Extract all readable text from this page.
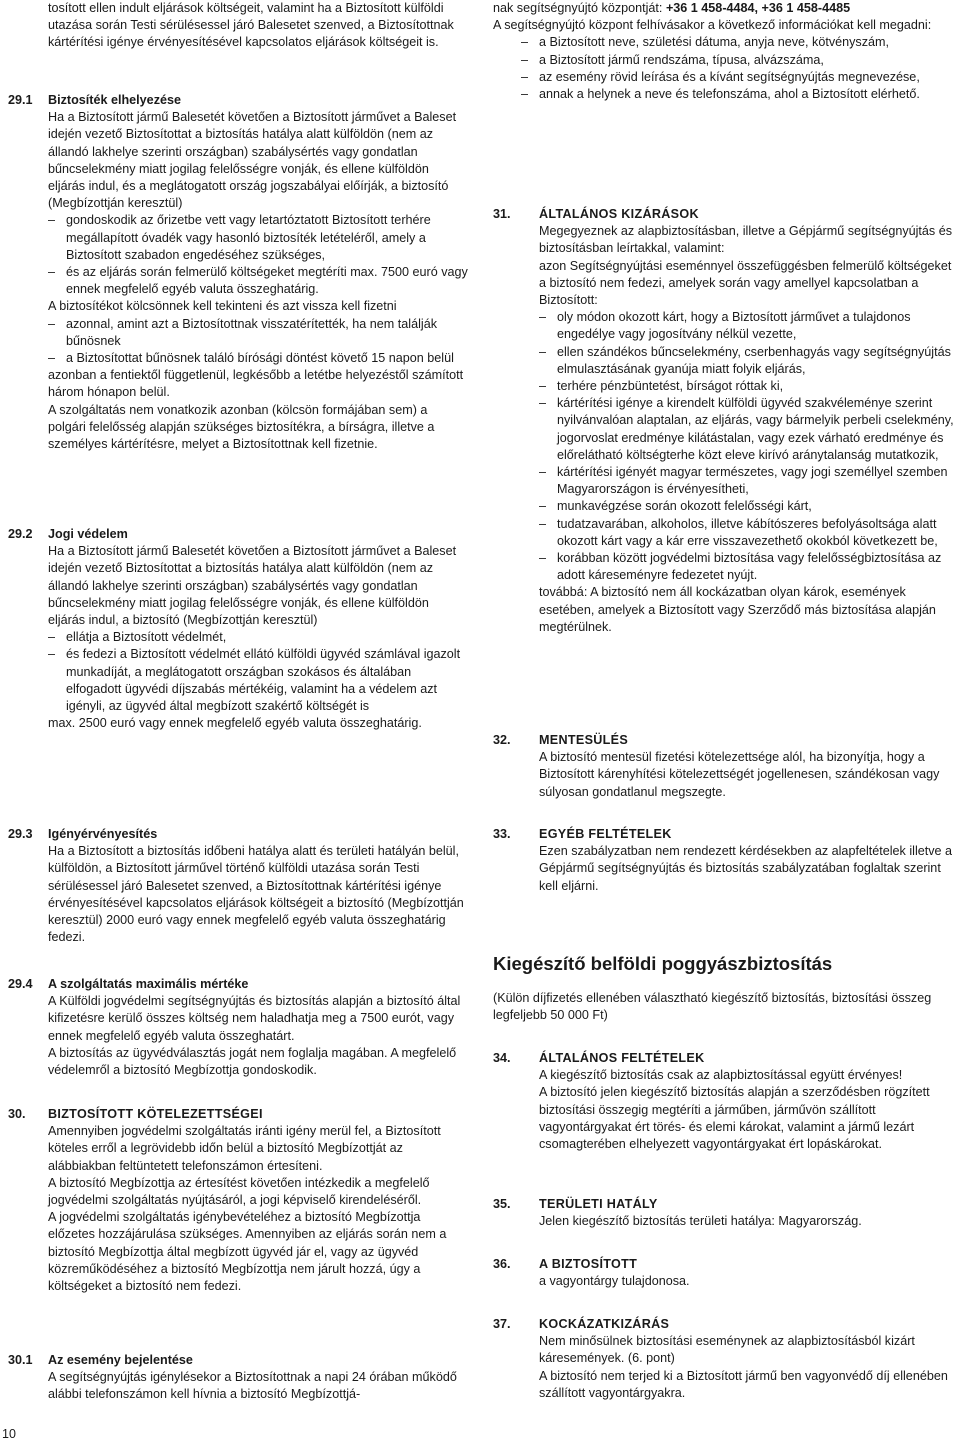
tosított ellen indult eljárások költségeit, valamint ha a Biztosított külföldi utazása során Testi sérülésessel járó Balesetet szenved, a Biztosítottnak kártérítési igénye érvényesítésével kapcsolatos eljárások költségeit is.

29.1 Biztosíték elhelyezése

Ha a Biztosított jármű Balesetét követően a Biztosított járművet a Baleset idején vezető Biztosítottat a biztosítás hatálya alatt külföldön (nem az állandó lakhelye szerinti országban) szabálysértés vagy gondatlan bűncselekmény miatt jogilag felelősségre vonják, és ellene külföldön eljárás indul, és a meglátogatott ország jogszabályai előírják, a biztosító (Megbízottján keresztül)

– gondoskodik az őrizetbe vett vagy letartóztatott Biztosított terhére megállapított óvadék vagy hasonló biztosíték letételéről, amely a Biztosított szabadon engedéséhez szükséges,

– és az eljárás során felmerülő költségeket megtéríti max. 7500 euró vagy ennek megfelelő egyéb valuta összeghatárig.

A biztosítékot kölcsönnek kell tekinteni és azt vissza kell fizetni

– azonnal, amint azt a Biztosítottnak visszatérítették, ha nem találják bűnösnek

– a Biztosítottat bűnösnek találó bírósági döntést követő 15 napon belül

azonban a fentiektől függetlenül, legkésőbb a letétbe helyezéstől számított három hónapon belül.

A szolgáltatás nem vonatkozik azonban (kölcsön formájában sem) a polgári felelősség alapján szükséges biztosítékra, a bírságra, illetve a személyes kártérítésre, melyet a Biztosítottnak kell fizetnie.

29.2 Jogi védelem

Ha a Biztosított jármű Balesetét követően a Biztosított járművet a Baleset idején vezető Biztosítottat a biztosítás hatálya alatt külföldön (nem az állandó lakhelye szerinti országban) szabálysértés vagy gondatlan bűncselekmény miatt jogilag felelősségre vonják, és ellene külföldön eljárás indul, a biztosító (Megbízottján keresztül)

– ellátja a Biztosított védelmét,

– és fedezi a Biztosított védelmét ellátó külföldi ügyvéd számlával igazolt munkadíját, a meglátogatott országban szokásos és általában elfogadott ügyvédi díjszabás mértékéig, valamint ha a védelem azt igényli, az ügyvéd által megbízott szakértő költségét is

max. 2500 euró vagy ennek megfelelő egyéb valuta összeghatárig.

29.3 Igényérvényesítés

Ha a Biztosított a biztosítás időbeni hatálya alatt és területi hatályán belül, külföldön, a Biztosított járművel történő külföldi utazása során Testi sérülésessel járó Balesetet szenved, a Biztosítottnak kártérítési igénye érvényesítésével kapcsolatos eljárások költségeit a biztosító (Megbízottján keresztül) 2000 euró vagy ennek megfelelő egyéb valuta összeghatárig fedezi.

29.4 A szolgáltatás maximális mértéke

A Külföldi jogvédelmi segítségnyújtás és biztosítás alapján a biztosító által kifizetésre kerülő összes költség nem haladhatja meg a 7500 eurót, vagy ennek megfelelő egyéb valuta összeghatárt.

A biztosítás az ügyvédválasztás jogát nem foglalja magában. A megfelelő védelemről a biztosító Megbízottja gondoskodik.

30. BIZTOSÍTOTT KÖTELEZETTSÉGEI

Amennyiben jogvédelmi szolgáltatás iránti igény merül fel, a Biztosított köteles erről a legrövidebb időn belül a biztosító Megbízottját az alábbiakban feltüntetett telefonszámon értesíteni.

A biztosító Megbízottja az értesítést követően intézkedik a megfelelő jogvédelmi szolgáltatás nyújtásáról, a jogi képviselő kirendeléséről.

A jogvédelmi szolgáltatás igénybevételéhez a biztosító Megbízottja előzetes hozzájárulása szükséges. Amennyiben az eljárás során nem a biztosító Megbízottja által megbízott ügyvéd jár el, vagy az ügyvéd közreműködéséhez a biztosító Megbízottja nem járult hozzá, úgy a költségeket a biztosító nem fedezi.

30.1 Az esemény bejelentése

A segítségnyújtás igénylésekor a Biztosítottnak a napi 24 órában működő alábbi telefonszámon kell hívnia a biztosító Megbízottjá-

nak segítségnyújtó központját: +36 1 458-4484, +36 1 458-4485

A segítségnyújtó központ felhívásakor a következő információkat kell megadni:

– a Biztosított neve, születési dátuma, anyja neve, kötvényszám,

– a Biztosított jármű rendszáma, típusa, alvázszáma,

– az esemény rövid leírása és a kívánt segítségnyújtás megnevezése,

– annak a helynek a neve és telefonszáma, ahol a Biztosított elérhető.

31. ÁLTALÁNOS KIZÁRÁSOK

Megegyeznek az alapbiztosításban, illetve a Gépjármű segítségnyújtás és biztosításban leírtakkal, valamint:

azon Segítségnyújtási eseménnyel összefüggésben felmerülő költségeket a biztosító nem fedezi, amelyek során vagy amellyel kapcsolatban a Biztosított:

– oly módon okozott kárt, hogy a Biztosított járművet a tulajdonos engedélye vagy jogosítvány nélkül vezette,

– ellen szándékos bűncselekmény, cserbenhagyás vagy segítségnyújtás elmulasztásának gyanúja miatt folyik eljárás,

– terhére pénzbüntetést, bírságot róttak ki,

– kártérítési igénye a kirendelt külföldi ügyvéd szakvéleménye szerint nyilvánvalóan alaptalan, az eljárás, vagy bármelyik perbeli cselekmény, jogorvoslat eredménye kilátástalan, vagy ezek várható eredménye és előrelátható költségterhe közt eleve kirívó aránytalanság mutatkozik,

– kártérítési igényét magyar természetes, vagy jogi személlyel szemben Magyarországon is érvényesítheti,

– munkavégzése során okozott felelősségi kárt,

– tudatzavarában, alkoholos, illetve kábítószeres befolyásoltsága alatt okozott kárt vagy a kár erre visszavezethető okokból következett be,

– korábban között jogvédelmi biztosítása vagy felelősségbiztosítása az adott káreseményre fedezetet nyújt.

továbbá: A biztosító nem áll kockázatban olyan károk, események esetében, amelyek a Biztosított vagy Szerződő más biztosítása alapján megtérülnek.

32. MENTESÜLÉS

A biztosító mentesül fizetési kötelezettsége alól, ha bizonyítja, hogy a Biztosított kárenyhítési kötelezettségét jogellenesen, szándékosan vagy súlyosan gondatlanul megszegte.

33. EGYÉB FELTÉTELEK

Ezen szabályzatban nem rendezett kérdésekben az alapfeltételek illetve a Gépjármű segítségnyújtás és biztosítás szabályzatában foglaltak szerint kell eljárni.

Kiegészítő belföldi poggyászbiztosítás

(Külön díjfizetés ellenében választható kiegészítő biztosítás, biztosítási összeg legfeljebb 50 000 Ft)

34. ÁLTALÁNOS FELTÉTELEK

A kiegészítő biztosítás csak az alapbiztosítással együtt érvényes!

A biztosító jelen kiegészítő biztosítás alapján a szerződésben rögzített biztosítási összegig megtéríti a járműben, járművön szállított vagyontárgyakat ért törés- és elemi károkat, valamint a jármű lezárt csomagterében elhelyezett vagyontárgyakat ért lopáskárokat.

35. TERÜLETI HATÁLY

Jelen kiegészítő biztosítás területi hatálya: Magyarország.

36. A BIZTOSÍTOTT

a vagyontárgy tulajdonosa.

37. KOCKÁZATKIZÁRÁS

Nem minősülnek biztosítási eseménynek az alapbiztosításból kizárt káresemények. (6. pont)

A biztosító nem terjed ki a Biztosított jármű ben vagyonvédő díj ellenében szállított vagyontárgyakra.

10
